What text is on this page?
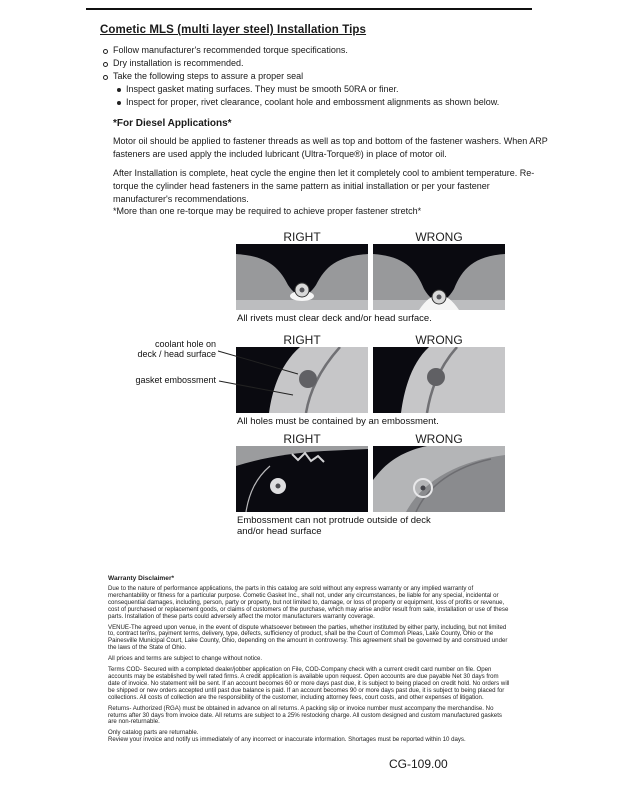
Cometic MLS (multi layer steel) Installation Tips
Follow manufacturer's recommended torque specifications.
Dry installation is recommended.
Take the following steps to assure a proper seal
Inspect gasket mating surfaces. They must be smooth 50RA or finer.
Inspect for proper, rivet clearance, coolant hole and embossment alignments as shown below.
*For Diesel Applications*

Motor oil should be applied to fastener threads as well as top and bottom of the fastener washers. When ARP fasteners are used apply the included lubricant (Ultra-Torque®) in place of motor oil.

After Installation is complete, heat cycle the engine then let it completely cool to ambient temperature. Re-torque the cylinder head fasteners in the same pattern as initial installation or per your fastener manufacturer's recommendations.

*More than one re-torque may be required to achieve proper fastener stretch*

RIGHT	WRONG

All rivets must clear deck and/or head surface.

RIGHT	WRONG
coolant hole on
deck / head surface
gasket embossment

All holes must be contained by an embossment.

RIGHT	WRONG

Embossment can not protrude outside of deck and/or head surface

Warranty Disclaimer*

Due to the nature of performance applications, the parts in this catalog are sold without any express warranty or any implied warranty of merchantability or fitness for a particular purpose. Cometic Gasket Inc., shall not, under any circumstances, be liable for any special, incidental or consequential damages, including, person, party or property, but not limited to, damage, or loss of property or equipment, loss of profits or revenue, cost of purchased or replacement goods, or claims of customers of the purchase, which may arise and/or result from sale, installation or use of these parts. Installation of these parts could adversely affect the motor manufacturers warranty coverage.

VENUE-The agreed upon venue, in the event of dispute whatsoever between the parties, whether instituted by either party, including, but not limited to, contract terms, payment terms, delivery, type, defects, sufficiency of product, shall be the Court of Common Pleas, Lake County, Ohio or the Painesville Municipal Court, Lake County, Ohio, depending on the amount in controversy. This agreement shall be governed by and construed under the laws of the State of Ohio.

All prices and terms are subject to change without notice.

Terms COD- Secured with a completed dealer/jobber application on File, COD-Company check with a current credit card number on file. Open accounts may be established by well rated firms. A credit application is available upon request. Open accounts are due payable Net 30 days from date of invoice. No statement will be sent. If an account becomes 60 or more days past due, it is subject to being placed on credit hold. No orders will be shipped or new orders accepted until past due balance is paid. If an account becomes 90 or more days past due, it is subject to being placed for collections. All costs of collection are the responsibility of the customer, including attorney fees, court costs, and other expenses of litigation.

Returns- Authorized (RGA) must be obtained in advance on all returns. A packing slip or invoice number must accompany the merchandise. No returns after 30 days from invoice date. All returns are subject to a 25% restocking charge. All custom designed and custom manufactured gaskets are non-returnable.

Only catalog parts are returnable.

Review your invoice and notify us immediately of any incorrect or inaccurate information. Shortages must be reported within 10 days.

CG-109.00
